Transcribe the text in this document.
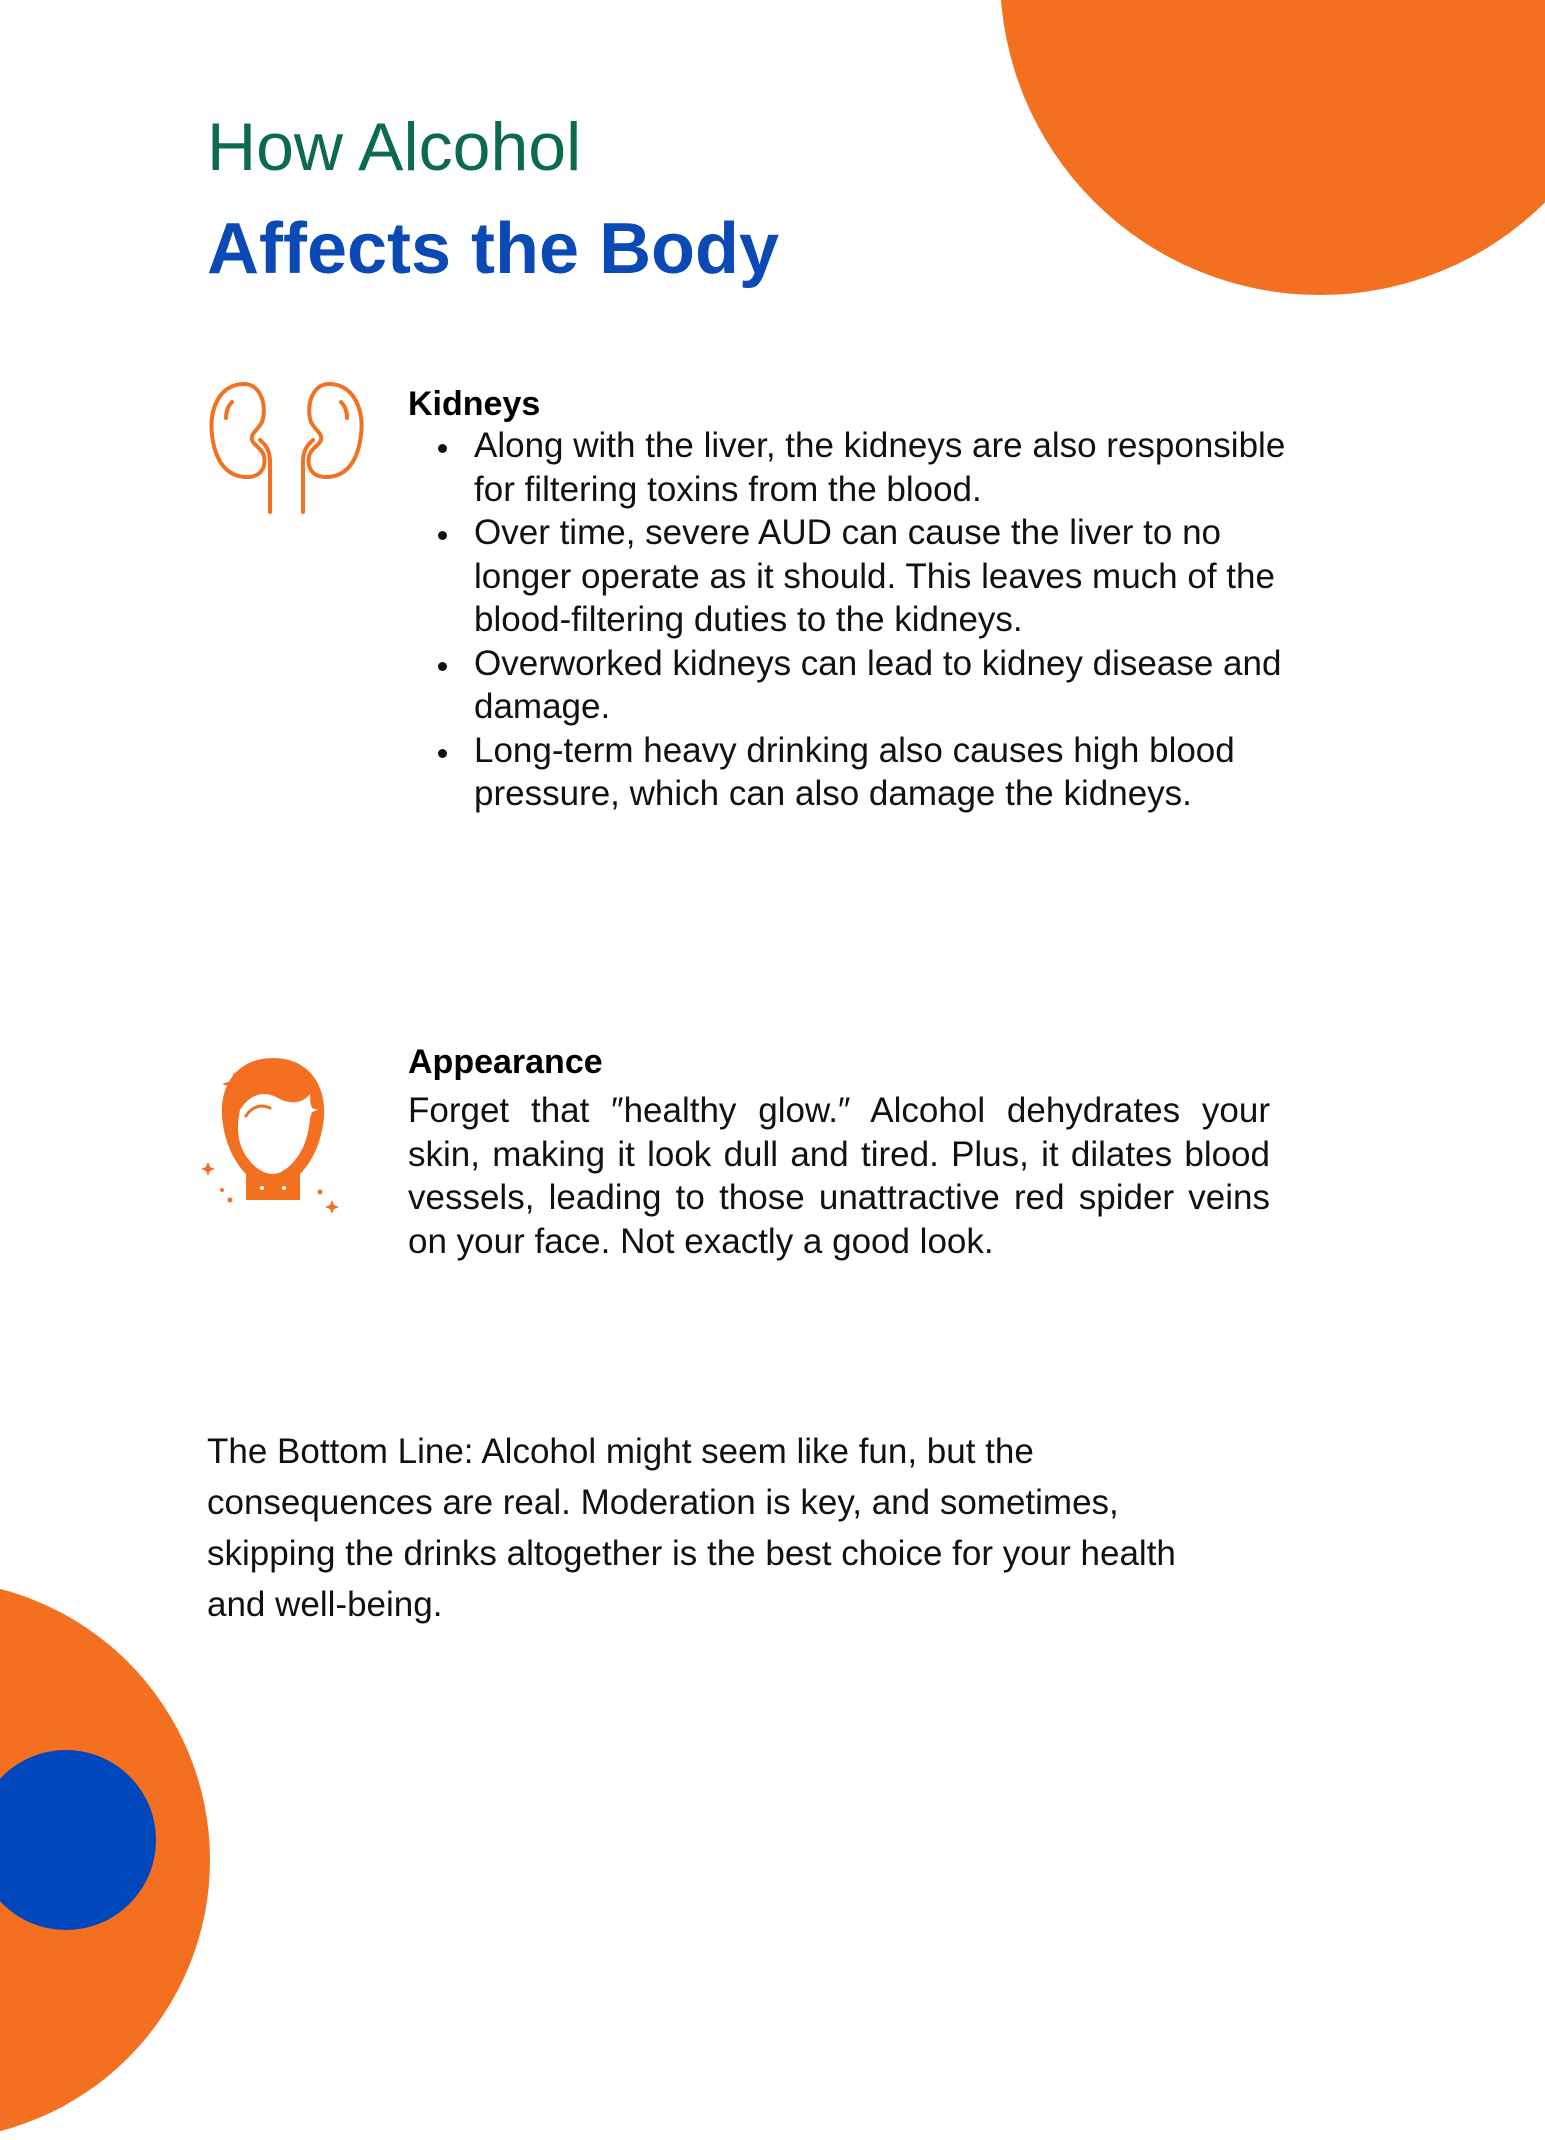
How Alcohol
Affects the Body
Kidneys
Along with the liver, the kidneys are also responsible for filtering toxins from the blood.
Over time, severe AUD can cause the liver to no longer operate as it should. This leaves much of the blood-filtering duties to the kidneys.
Overworked kidneys can lead to kidney disease and damage.
Long-term heavy drinking also causes high blood pressure, which can also damage the kidneys.
Appearance

Forget that ″healthy glow.″ Alcohol dehydrates your skin, making it look dull and tired. Plus, it dilates blood vessels, leading to those unattractive red spider veins on your face. Not exactly a good look.

The Bottom Line: Alcohol might seem like fun, but the consequences are real. Moderation is key, and sometimes, skipping the drinks altogether is the best choice for your health and well-being.
